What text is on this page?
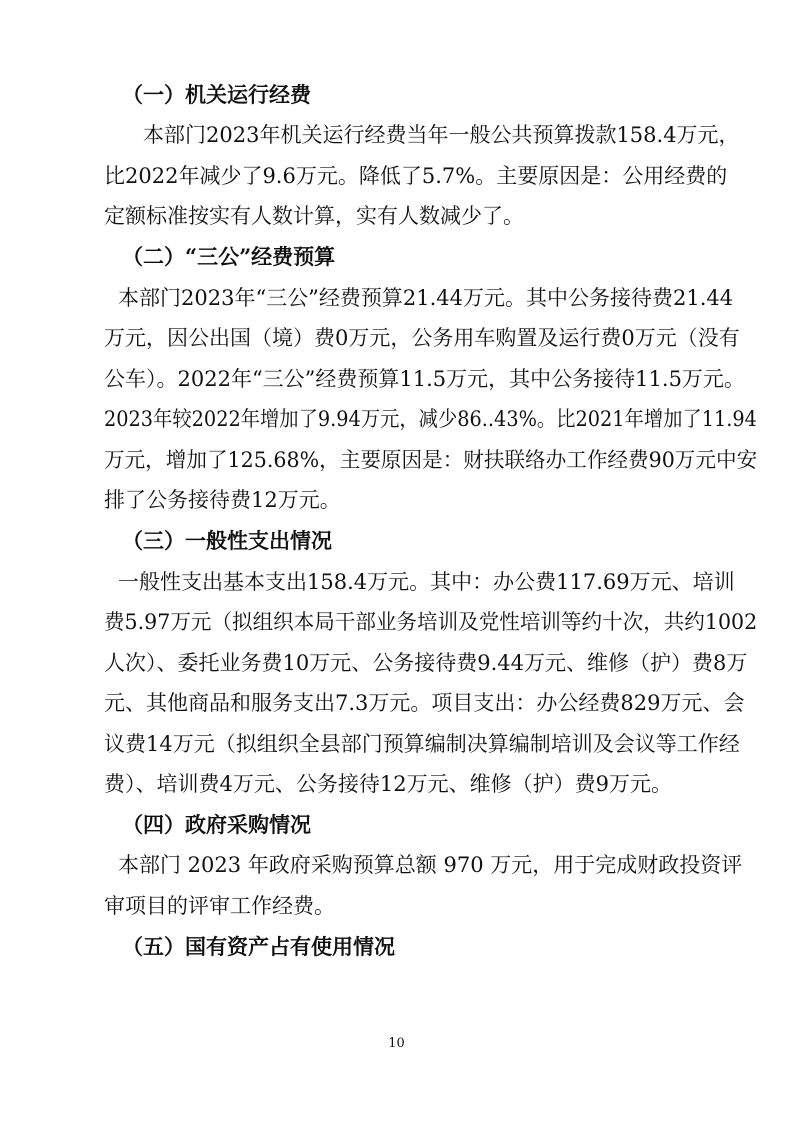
（一）机关运行经费
本部门2023年机关运行经费当年一般公共预算拨款158.4万元，
比2022年减少了9.6万元。降低了5.7%。主要原因是：公用经费的
定额标准按实有人数计算，实有人数减少了。
（二）“三公”经费预算
本部门2023年“三公”经费预算21.44万元。其中公务接待费21.44
万元，因公出国（境）费0万元，公务用车购置及运行费0万元（没有
公车）。2022年“三公”经费预算11.5万元，其中公务接待11.5万元。
2023年较2022年增加了9.94万元，减少86..43%。比2021年增加了11.94
万元，增加了125.68%，主要原因是：财扶联络办工作经费90万元中安
排了公务接待费12万元。
（三）一般性支出情况
一般性支出基本支出158.4万元。其中：办公费117.69万元、培训
费5.97万元（拟组织本局干部业务培训及党性培训等约十次，共约1002
人次）、委托业务费10万元、公务接待费9.44万元、维修（护）费8万
元、其他商品和服务支出7.3万元。项目支出：办公经费829万元、会
议费14万元（拟组织全县部门预算编制决算编制培训及会议等工作经
费）、培训费4万元、公务接待12万元、维修（护）费9万元。
（四）政府采购情况
本部门 2023 年政府采购预算总额 970 万元，用于完成财政投资评
审项目的评审工作经费。
（五）国有资产占有使用情况
10
